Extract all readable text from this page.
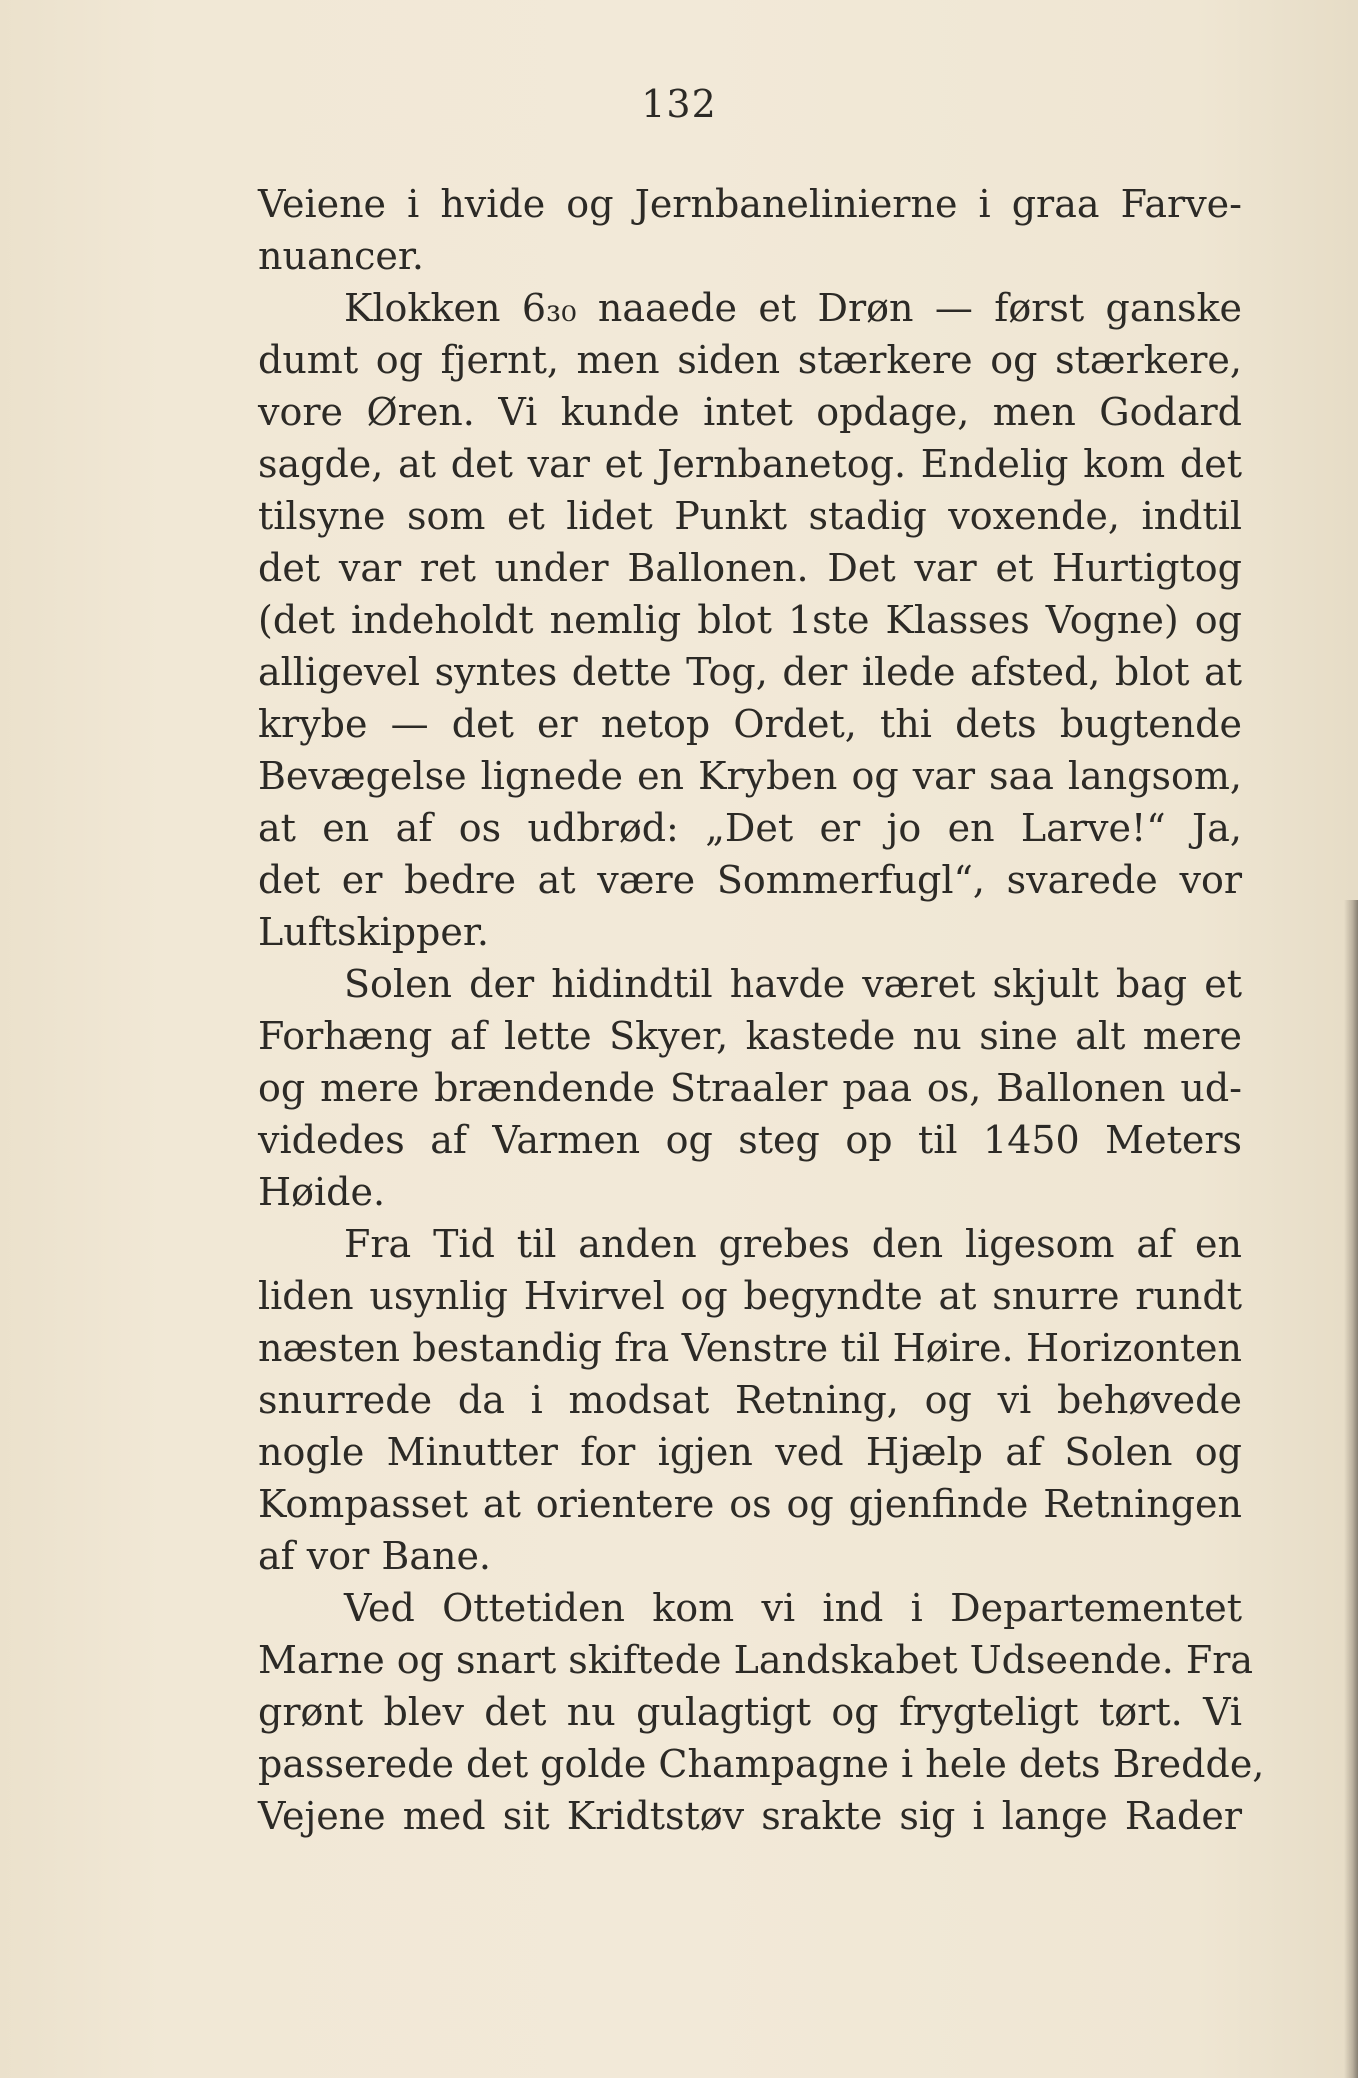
132
Veiene i hvide og Jernbanelinierne i graa Farve-
nuancer.
Klokken 6₃₀ naaede et Drøn — først ganske
dumt og fjernt, men siden stærkere og stærkere,
vore Øren. Vi kunde intet opdage, men Godard
sagde, at det var et Jernbanetog. Endelig kom det
tilsyne som et lidet Punkt stadig voxende, indtil
det var ret under Ballonen. Det var et Hurtigtog
(det indeholdt nemlig blot 1ste Klasses Vogne) og
alligevel syntes dette Tog, der ilede afsted, blot at
krybe — det er netop Ordet, thi dets bugtende
Bevægelse lignede en Kryben og var saa langsom,
at en af os udbrød: „Det er jo en Larve!“ Ja,
det er bedre at være Sommerfugl“, svarede vor
Luftskipper.
Solen der hidindtil havde været skjult bag et
Forhæng af lette Skyer, kastede nu sine alt mere
og mere brændende Straaler paa os, Ballonen ud-
videdes af Varmen og steg op til 1450 Meters
Høide.
Fra Tid til anden grebes den ligesom af en
liden usynlig Hvirvel og begyndte at snurre rundt
næsten bestandig fra Venstre til Høire. Horizonten
snurrede da i modsat Retning, og vi behøvede
nogle Minutter for igjen ved Hjælp af Solen og
Kompasset at orientere os og gjenfinde Retningen
af vor Bane.
Ved Ottetiden kom vi ind i Departementet
Marne og snart skiftede Landskabet Udseende. Fra
grønt blev det nu gulagtigt og frygteligt tørt. Vi
passerede det golde Champagne i hele dets Bredde,
Vejene med sit Kridtstøv srakte sig i lange Rader
